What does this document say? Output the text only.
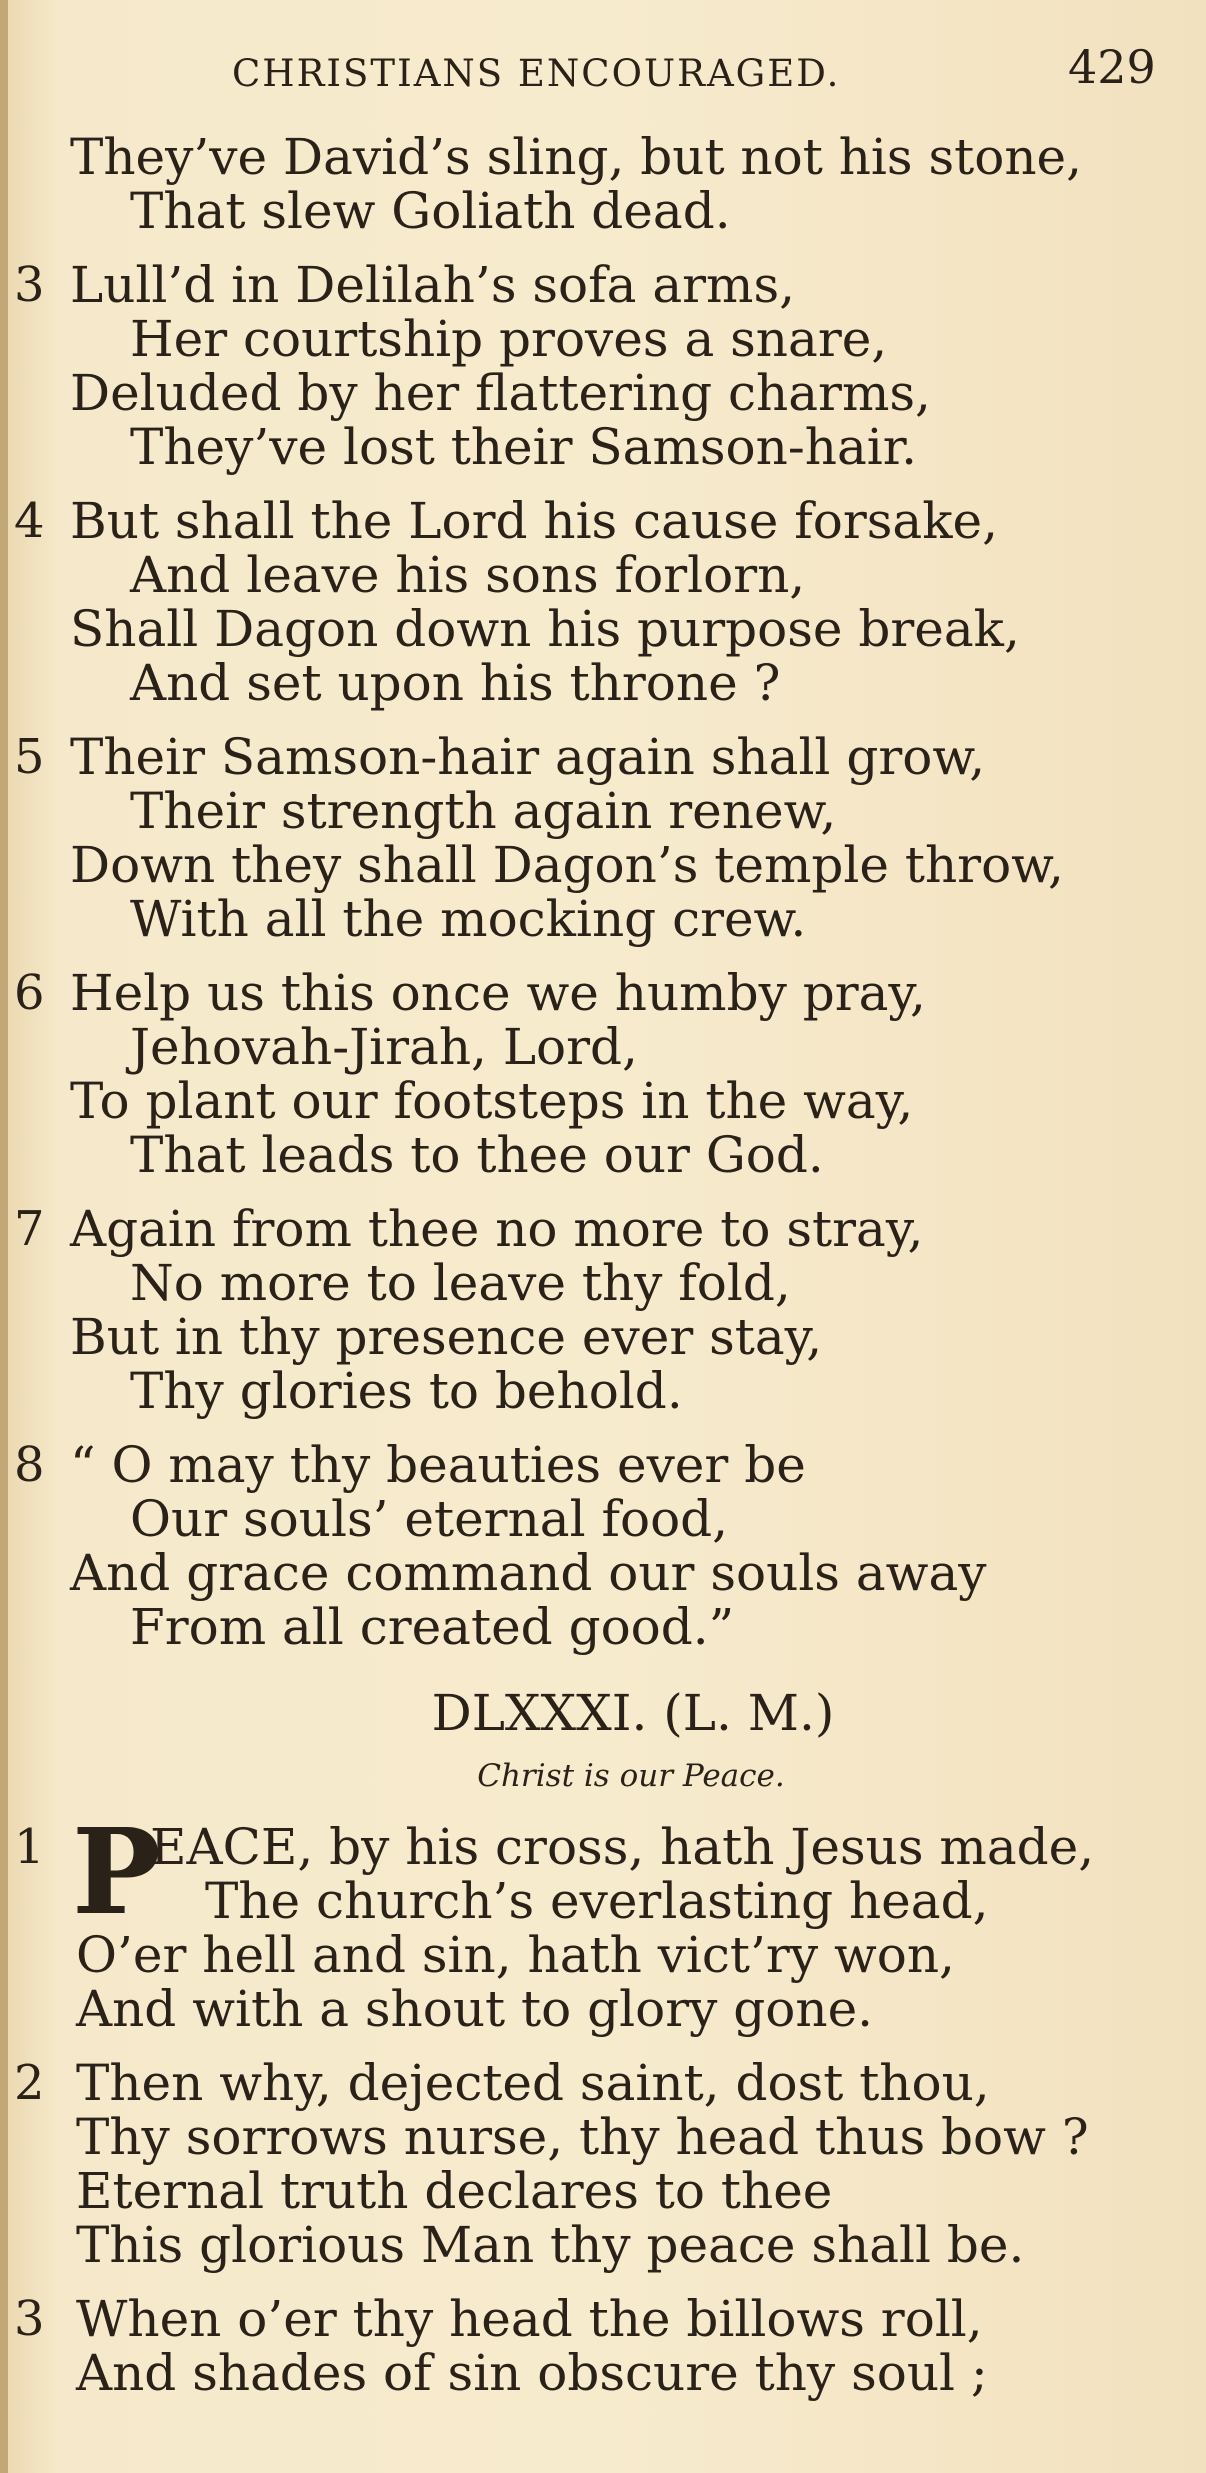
CHRISTIANS ENCOURAGED.	429
They’ve David’s sling, but not his stone,
That slew Goliath dead.
3 Lull’d in Delilah’s sofa arms,
Her courtship proves a snare,
Deluded by her flattering charms,
They’ve lost their Samson-hair.
4 But shall the Lord his cause forsake,
And leave his sons forlorn,
Shall Dagon down his purpose break,
And set upon his throne ?
5 Their Samson-hair again shall grow,
Their strength again renew,
Down they shall Dagon’s temple throw,
With all the mocking crew.
6 Help us this once we humby pray,
Jehovah-Jirah, Lord,
To plant our footsteps in the way,
That leads to thee our God.
7 Again from thee no more to stray,
No more to leave thy fold,
But in thy presence ever stay,
Thy glories to behold.
8 “ O may thy beauties ever be
Our souls’ eternal food,
And grace command our souls away
From all created good.”
DLXXXI. (L. M.)
Christ is our Peace.
1 P
EACE, by his cross, hath Jesus made,
The church’s everlasting head,
O’er hell and sin, hath vict’ry won,
And with a shout to glory gone.
2 Then why, dejected saint, dost thou,
Thy sorrows nurse, thy head thus bow ?
Eternal truth declares to thee
This glorious Man thy peace shall be.
3 When o’er thy head the billows roll,
And shades of sin obscure thy soul ;
